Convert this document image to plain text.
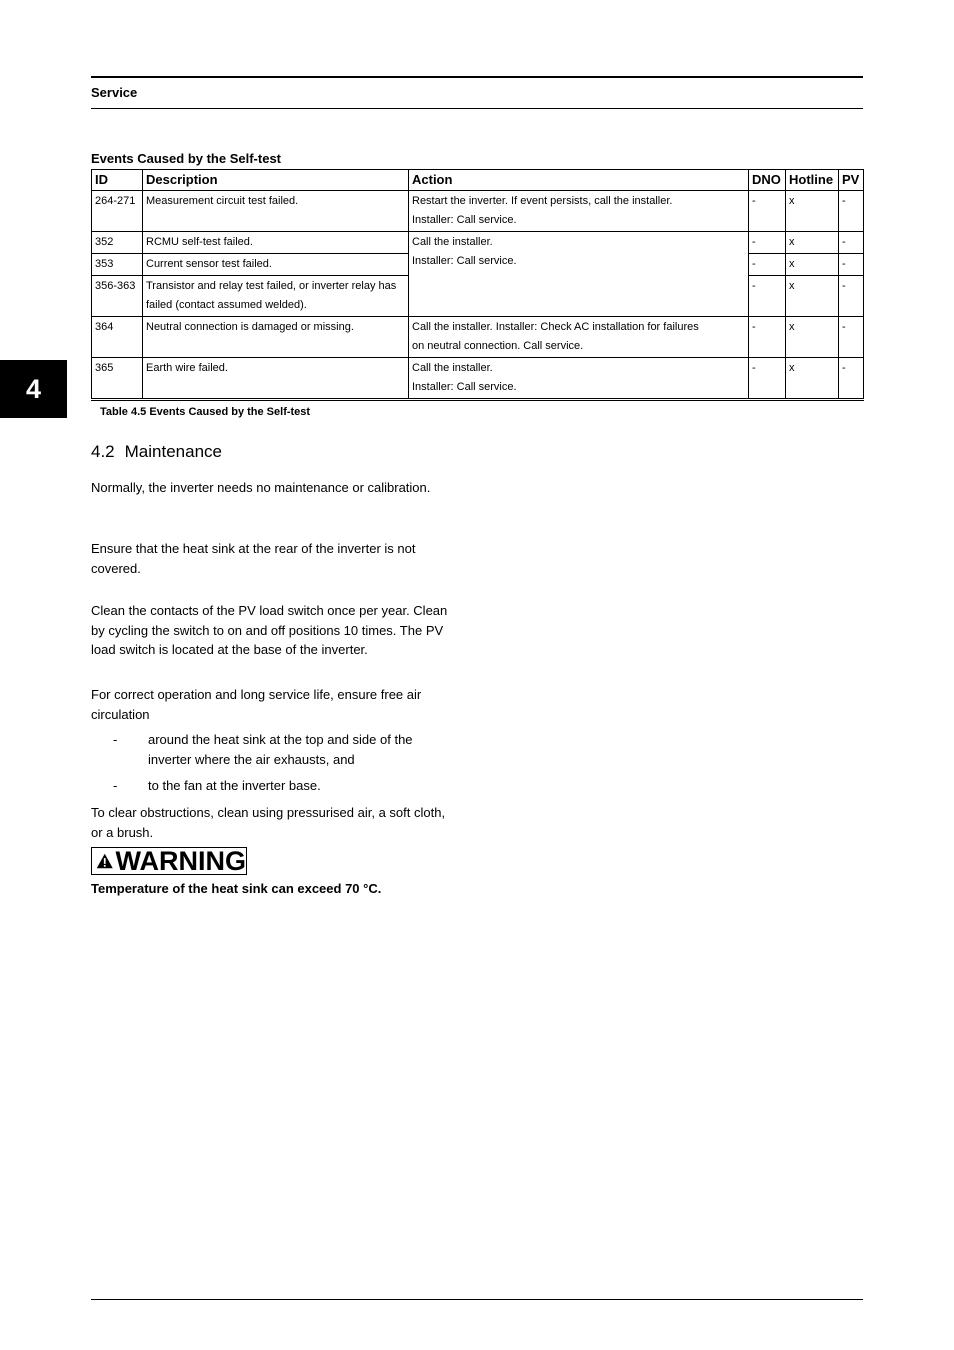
Service
4
Events Caused by the Self-test
ID	Description	Action	DNO	Hotline	PV
264-271	Measurement circuit test failed.	Restart the inverter. If event persists, call the installer.
Installer: Call service.	-	x	-
352	RCMU self-test failed.	Call the installer.
Installer: Call service.	-	x	-
353	Current sensor test failed.		-	x	-
356-363	Transistor and relay test failed, or inverter relay has failed (contact assumed welded).		-	x	-
364	Neutral connection is damaged or missing.	Call the installer. Installer: Check AC installation for failures
on neutral connection. Call service.	-	x	-
365	Earth wire failed.	Call the installer.
Installer: Call service.	-	x	-
Table 4.5 Events Caused by the Self-test
4.2 Maintenance

Normally, the inverter needs no maintenance or calibration.

Ensure that the heat sink at the rear of the inverter is not covered.

Clean the contacts of the PV load switch once per year. Clean by cycling the switch to on and off positions 10 times. The PV load switch is located at the base of the inverter.

For correct operation and long service life, ensure free air circulation

- around the heat sink at the top and side of the inverter where the air exhausts, and
- to the fan at the inverter base.

To clear obstructions, clean using pressurised air, a soft cloth, or a brush.

WARNING
Temperature of the heat sink can exceed 70 °C.
